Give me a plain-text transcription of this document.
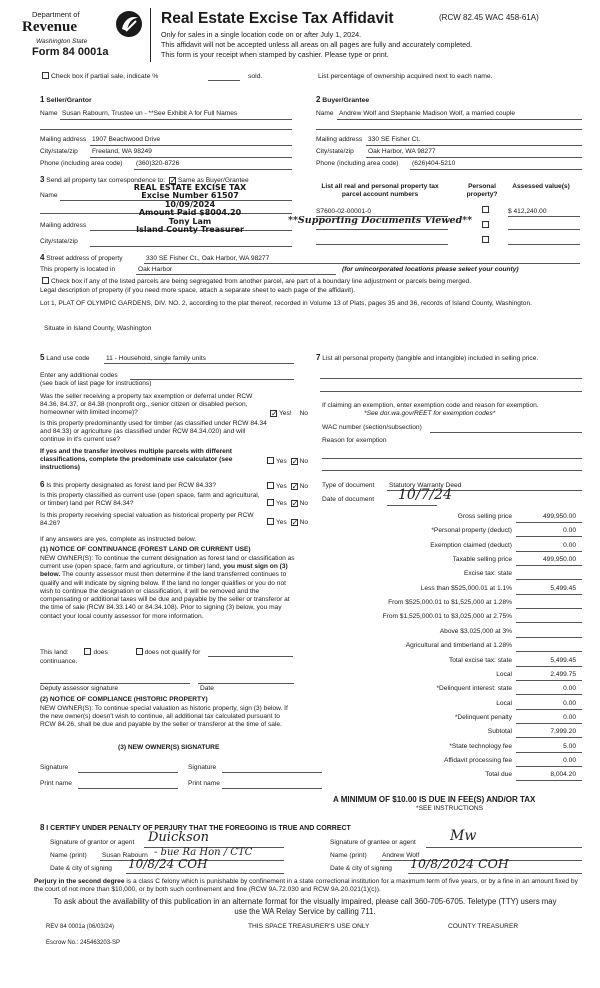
Department of
Revenue
Washington State
Form 84 0001a
Real Estate Excise Tax Affidavit	(RCW 82.45 WAC 458-61A)
Only for sales in a single location code on or after July 1, 2024.
This affidavit will not be accepted unless all areas on all pages are fully and accurately completed.
This form is your receipt when stamped by cashier. Please type or print.
Check box if partial sale, indicate %	sold.	List percentage of ownership acquired next to each name.
1 Seller/Grantor
Name Susan Rabourn, Trustee un - **See Exhibit A for Full Names
Mailing address 1907 Beachwood Drive
City/state/zip Freeland, WA 98249
Phone (including area code) (360)320-8726
2 Buyer/Grantee
Name Andrew Wolf and Stephanie Madison Wolf, a married couple
Mailing address 330 SE Fisher Ct.
City/state/zip Oak Harbor, WA 98277
Phone (including area code) (626)404-5210
3 Send all property tax correspondence to: ✓ Same as Buyer/Grantee
Name
Mailing address
City/state/zip
REAL ESTATE EXCISE TAX
Excise Number 61507
10/09/2024
Amount Paid $8004.20
Tony Lam
Island County Treasurer
List all real and personal property tax parcel account numbers
Personal property?
Assessed value(s)
S7600-02-00001-0	$ 412,240.00
**Supporting Documents Viewed**
4 Street address of property	330 SE Fisher Ct., Oak Harbor, WA 98277
This property is located in	Oak Harbor	(for unincorporated locations please select your county)
Check box if any of the listed parcels are being segregated from another parcel, are part of a boundary line adjustment or parcels being merged.
Legal description of property (if you need more space, attach a separate sheet to each page of the affidavit).
Lot 1, PLAT OF OLYMPIC GARDENS, DIV. NO. 2, according to the plat thereof, recorded in Volume 13 of Plats, pages 35 and 36, records of Island County, Washington.
Situate in Island County, Washington
5 Land use code 11 - Household, single family units
Enter any additional codes
(see back of last page for instructions)
Was the seller receiving a property tax exemption or deferral under RCW 84.36, 84.37, or 84.38 (nonprofit org., senior citizen or disabled person, homeowner with limited income)? ✓	Yes! No
Is this property predominantly used for timber (as classified under RCW 84.34 and 84.33) or agriculture (as classified under RCW 84.34.020) and will continue in it's current use?
If yes and the transfer involves multiple parcels with different classifications, complete the predominate use calculator (see instructions)
Yes ✓ No
7 List all personal property (tangible and intangible) included in selling price.
If claiming an exemption, enter exemption code and reason for exemption.
*See dor.wa.gov/REET for exemption codes*
WAC number (section/subsection)
Reason for exemption
6 Is this property designated as forest land per RCW 84.33?	Yes ✓ No
Is this property classified as current use (open space, farm and agricultural, or timber) land per RCW 84.34?	Yes ✓ No
Is this property receiving special valuation as historical property per RCW 84.26?	Yes ✓ No
If any answers are yes, complete as instructed below.
(1) NOTICE OF CONTINUANCE (FOREST LAND OR CURRENT USE)
NEW OWNER(S): To continue the current designation as forest land or classification as current use (open space, farm and agriculture, or timber) land, you must sign on (3) below. The county assessor must then determine if the land transferred continues to qualify and will indicate by signing below. If the land no longer qualifies or you do not wish to continue the designation or classification, it will be removed and the compensating or additional taxes will be due and payable by the seller or transferor at the time of sale (RCW 84.33.140 or 84.34.108). Prior to signing (3) below, you may contact your local county assessor for more information.
This land:	does	does not qualify for
continuance.
Deputy assessor signature	Date
(2) NOTICE OF COMPLIANCE (HISTORIC PROPERTY)
NEW OWNER(S): To continue special valuation as historic property, sign (3) below. If the new owner(s) doesn't wish to continue, all additional tax calculated pursuant to RCW 84.26, shall be due and payable by the seller or transferor at the time of sale.
(3) NEW OWNER(S) SIGNATURE
Signature	Signature
Print name	Print name
Type of document Statutory Warranty Deed
Date of document 10/7/24
Gross selling price	499,950.00
*Personal property (deduct)	0.00
Exemption claimed (deduct)	0.00
Taxable selling price	499,950.00
Excise tax: state
Less than $525,000.01 at 1.1%	5,499.45
From $525,000.01 to $1,525,000 at 1.28%
From $1,525,000.01 to $3,025,000 at 2.75%
Above $3,025,000 at 3%
Agricultural and timberland at 1.28%
Total excise tax: state	5,499.45
Local	2,499.75
*Delinquent interest: state	0.00
Local	0.00
*Delinquent penalty	0.00
Subtotal	7,999.20
*State technology fee	5.00
Affidavit processing fee	0.00
Total due	8,004.20
A MINIMUM OF $10.00 IS DUE IN FEE(S) AND/OR TAX
*SEE INSTRUCTIONS
8 I CERTIFY UNDER PENALTY OF PERJURY THAT THE FOREGOING IS TRUE AND CORRECT
Signature of grantor or agent Duickson
Name (print) Susan Rabourn - bue Ra Hon / CTC
Date & city of signing 10/8/24 COH
Signature of grantee or agent Mw
Name (print) Andrew Wolf
Date & city of signing 10/8/2024 COH
Perjury in the second degree is a class C felony which is punishable by confinement in a state correctional institution for a maximum term of five years, or by a fine in an amount fixed by the court of not more than $10,000, or by both such confinement and fine (RCW 9A.72.030 and RCW 9A.20.021(1)(c)).
To ask about the availability of this publication in an alternate format for the visually impaired, please call 360-705-6705. Teletype (TTY) users may use the WA Relay Service by calling 711.
REV 84 0001a (06/03/24)	THIS SPACE TREASURER'S USE ONLY	COUNTY TREASURER
Escrow No.: 245463203-SP
